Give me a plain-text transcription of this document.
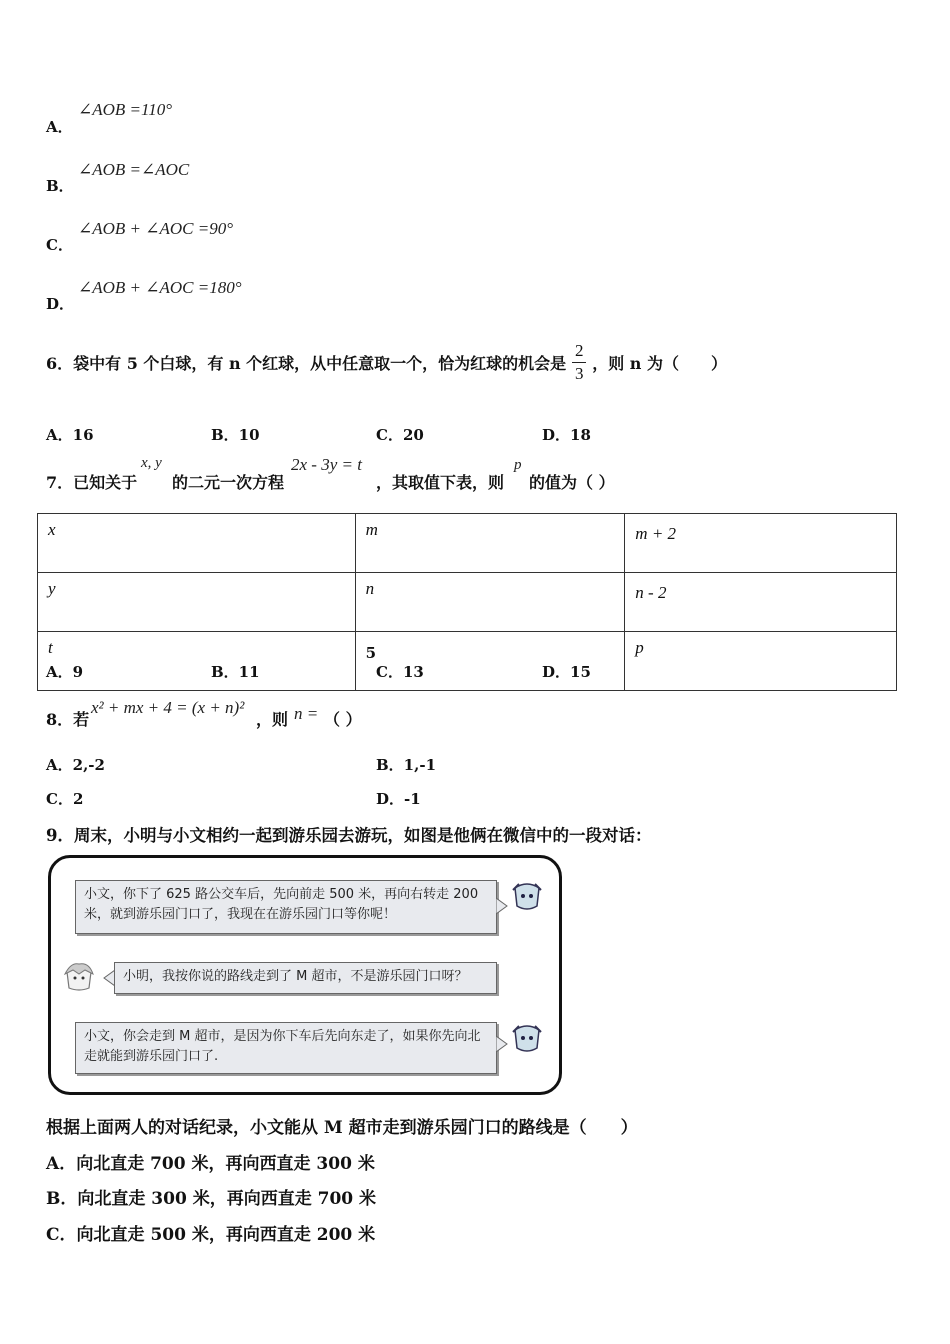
A．
∠AOB =110°
B．
∠AOB =∠AOC
C．
∠AOB + ∠AOC =90°
D．
∠AOB + ∠AOC =180°
6．袋中有 5 个白球，有 n 个红球，从中任意取一个，恰为红球的机会是 $\frac{2}{3}$ ，则 n 为（　　）
A．16	B．10	C．20	D．18
7．已知关于
x, y
的二元一次方程
2x - 3y = t
，其取值下表，则
p
的值为（ ）
x	m	m + 2
y	n	n - 2
t	5	p
A．9	B．11	C．13	D．15
8．若
x² + mx + 4 = (x + n)²
，则 n = （ ）
A．2,-2	B．1,-1
C．2	D．-1
9．周末，小明与小文相约一起到游乐园去游玩，如图是他俩在微信中的一段对话：
小文，你下了 625 路公交车后，先向前走 500 米，再向右转走 200 米，就到游乐园门口了，我现在在游乐园门口等你呢！
小明，我按你说的路线走到了 M 超市，不是游乐园门口呀？
小文，你会走到 M 超市，是因为你下车后先向东走了，如果你先向北走就能到游乐园门口了.
根据上面两人的对话纪录，小文能从 M 超市走到游乐园门口的路线是（　　）
A．向北直走 700 米，再向西直走 300 米
B．向北直走 300 米，再向西直走 700 米
C．向北直走 500 米，再向西直走 200 米
